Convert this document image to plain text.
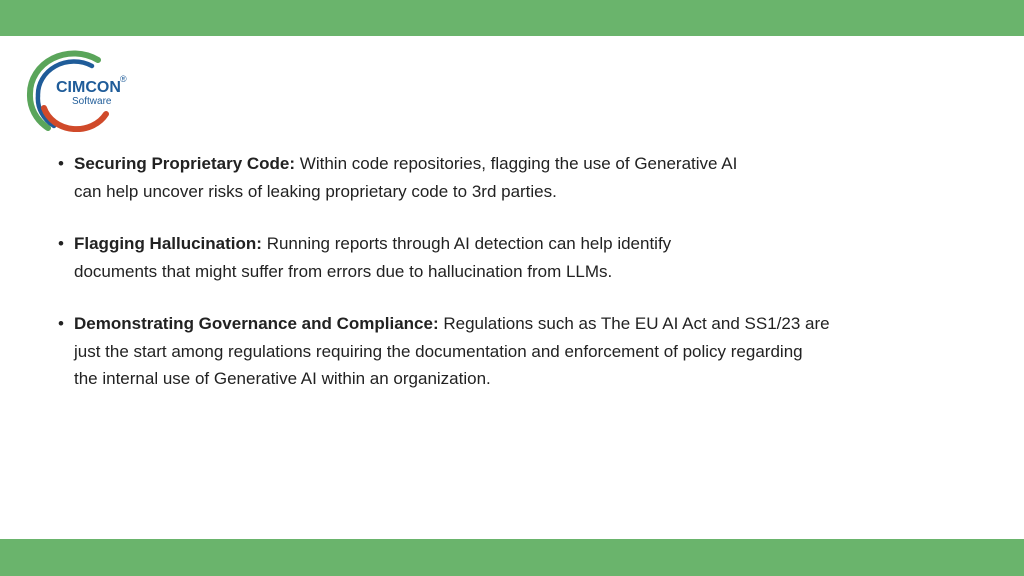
CIMCON ®
Software
• Securing Proprietary Code: Within code repositories, flagging the use of Generative AI
can help uncover risks of leaking proprietary code to 3rd parties.
• Flagging Hallucination: Running reports through AI detection can help identify
documents that might suffer from errors due to hallucination from LLMs.
• Demonstrating Governance and Compliance: Regulations such as The EU AI Act and SS1/23 are
just the start among regulations requiring the documentation and enforcement of policy regarding
the internal use of Generative AI within an organization.
